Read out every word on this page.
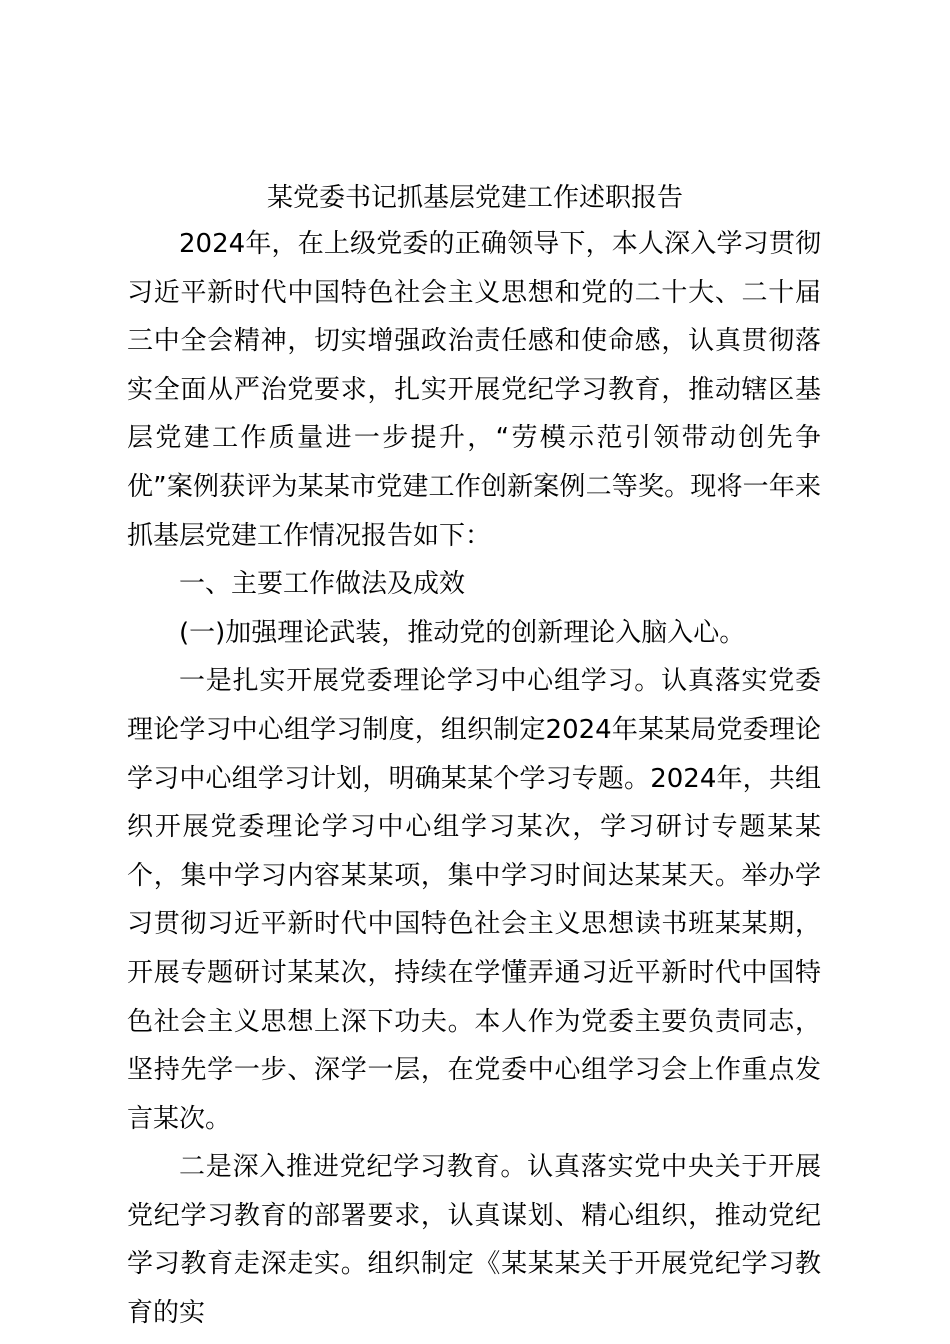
某党委书记抓基层党建工作述职报告

2024年，在上级党委的正确领导下，本人深入学习贯彻习近平新时代中国特色社会主义思想和党的二十大、二十届三中全会精神，切实增强政治责任感和使命感，认真贯彻落实全面从严治党要求，扎实开展党纪学习教育，推动辖区基层党建工作质量进一步提升，“劳模示范引领带动创先争优”案例获评为某某市党建工作创新案例二等奖。现将一年来抓基层党建工作情况报告如下：

一、主要工作做法及成效

(一)加强理论武装，推动党的创新理论入脑入心。

一是扎实开展党委理论学习中心组学习。认真落实党委理论学习中心组学习制度，组织制定2024年某某局党委理论学习中心组学习计划，明确某某个学习专题。2024年，共组织开展党委理论学习中心组学习某次，学习研讨专题某某个，集中学习内容某某项，集中学习时间达某某天。举办学习贯彻习近平新时代中国特色社会主义思想读书班某某期，开展专题研讨某某次，持续在学懂弄通习近平新时代中国特色社会主义思想上深下功夫。本人作为党委主要负责同志，坚持先学一步、深学一层，在党委中心组学习会上作重点发言某次。

二是深入推进党纪学习教育。认真落实党中央关于开展党纪学习教育的部署要求，认真谋划、精心组织，推动党纪学习教育走深走实。组织制定《某某某关于开展党纪学习教育的实
